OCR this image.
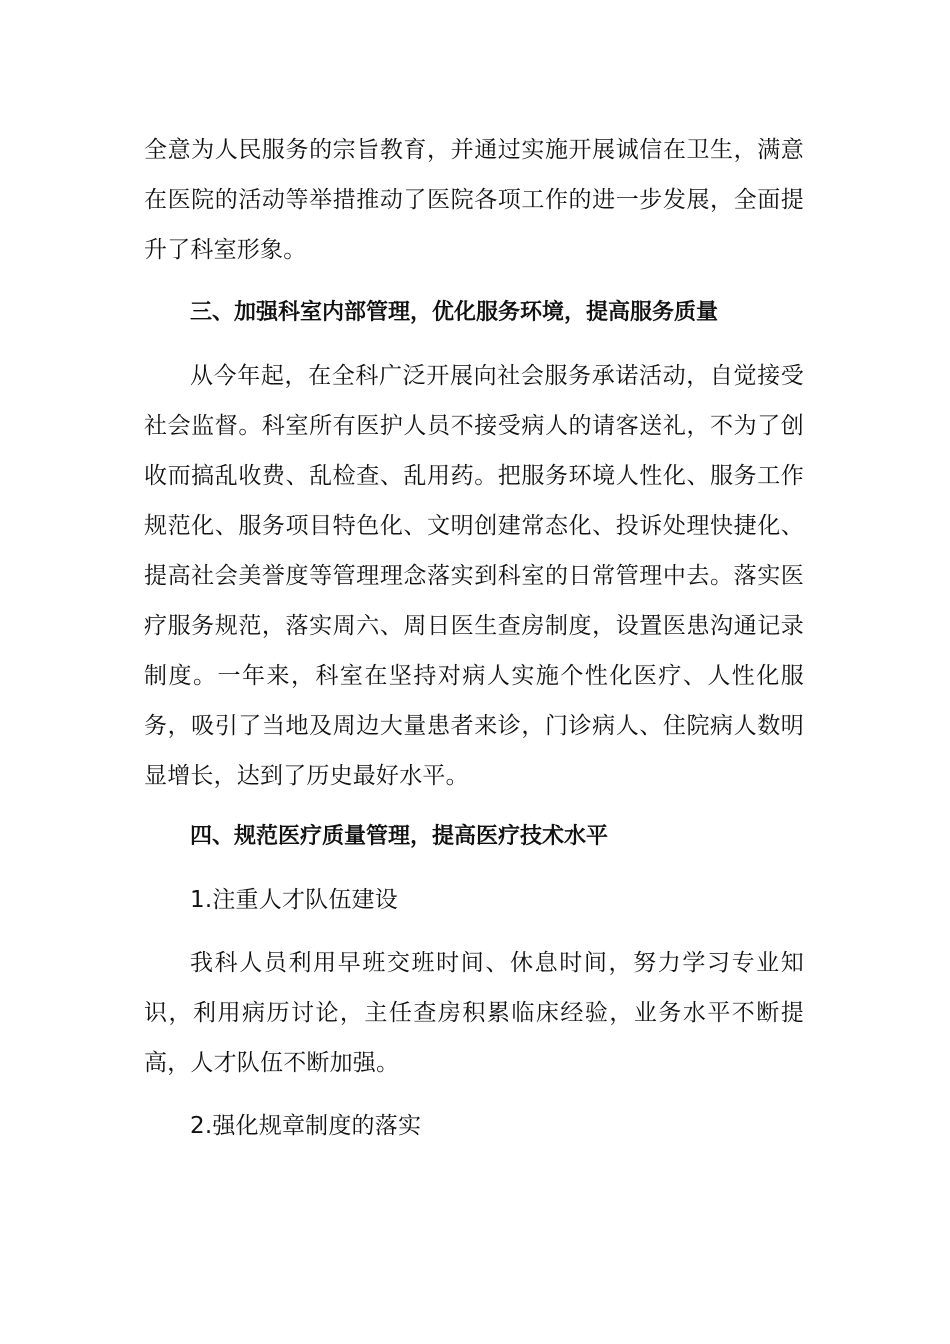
全意为人民服务的宗旨教育，并通过实施开展诚信在卫生，满意在医院的活动等举措推动了医院各项工作的进一步发展，全面提升了科室形象。

三、加强科室内部管理，优化服务环境，提高服务质量

从今年起，在全科广泛开展向社会服务承诺活动，自觉接受社会监督。科室所有医护人员不接受病人的请客送礼，不为了创收而搞乱收费、乱检查、乱用药。把服务环境人性化、服务工作规范化、服务项目特色化、文明创建常态化、投诉处理快捷化、提高社会美誉度等管理理念落实到科室的日常管理中去。落实医疗服务规范，落实周六、周日医生查房制度，设置医患沟通记录制度。一年来，科室在坚持对病人实施个性化医疗、人性化服务，吸引了当地及周边大量患者来诊，门诊病人、住院病人数明显增长，达到了历史最好水平。

四、规范医疗质量管理，提高医疗技术水平

1.注重人才队伍建设

我科人员利用早班交班时间、休息时间，努力学习专业知识，利用病历讨论，主任查房积累临床经验，业务水平不断提高，人才队伍不断加强。

2.强化规章制度的落实
